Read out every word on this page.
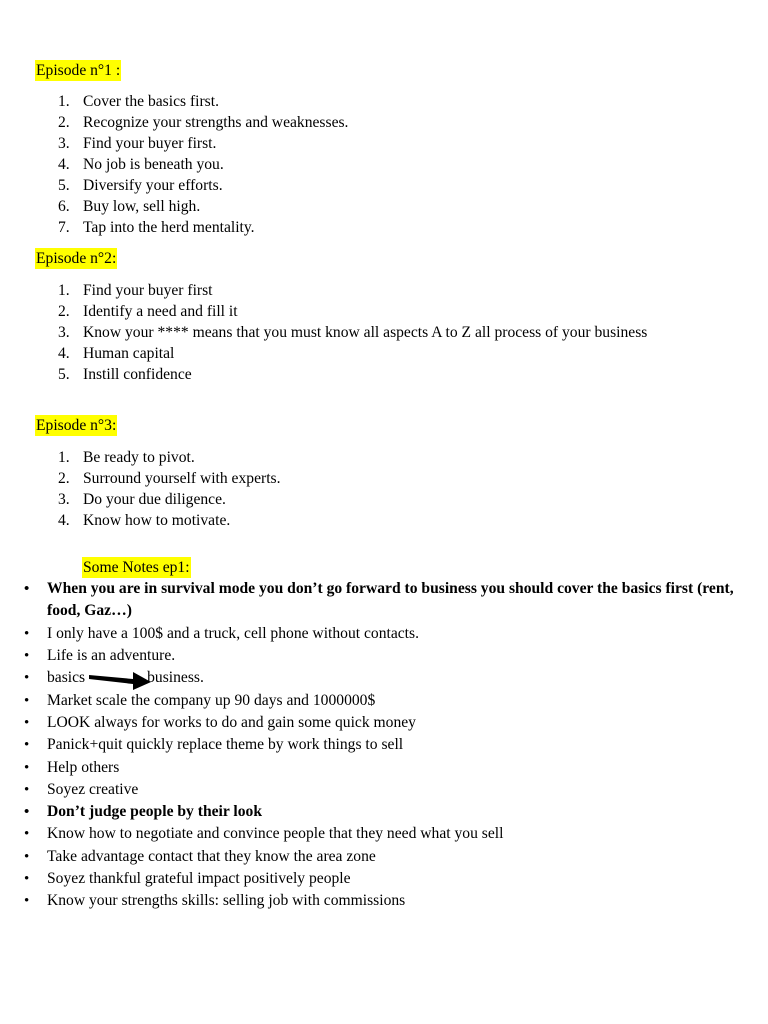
Episode n°1 :
1. Cover the basics first.
2. Recognize your strengths and weaknesses.
3. Find your buyer first.
4. No job is beneath you.
5. Diversify your efforts.
6. Buy low, sell high.
7. Tap into the herd mentality.
Episode n°2:
1. Find your buyer first
2. Identify a need and fill it
3. Know your **** means that you must know all aspects A to Z all process of your business
4. Human capital
5. Instill confidence
Episode n°3:
1. Be ready to pivot.
2. Surround yourself with experts.
3. Do your due diligence.
4. Know how to motivate.
Some Notes ep1:
• When you are in survival mode you don’t go forward to business you should cover the basics first (rent, food, Gaz…)
• I only have a 100$ and a truck, cell phone without contacts.
• Life is an adventure.
• basics	business.
• Market scale the company up 90 days and 1000000$
• LOOK always for works to do and gain some quick money
• Panick+quit quickly replace theme by work things to sell
• Help others
• Soyez creative
• Don’t judge people by their look
• Know how to negotiate and convince people that they need what you sell
• Take advantage contact that they know the area zone
• Soyez thankful grateful impact positively people
• Know your strengths skills: selling job with commissions
